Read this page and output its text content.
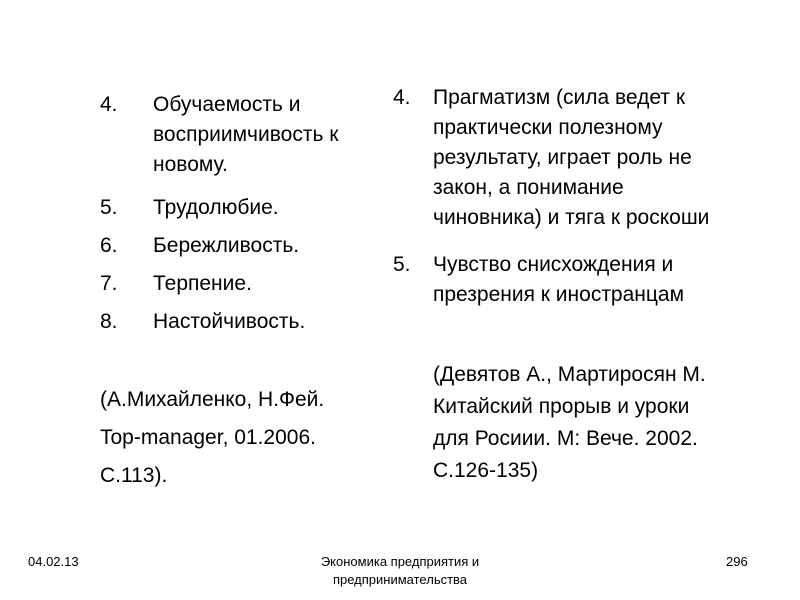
4. Обучаемость и
восприимчивость к
новому.
5. Трудолюбие.
6. Бережливость.
7. Терпение.
8. Настойчивость.
(А.Михайленко, Н.Фей.
Top-manager, 01.2006.
С.113).
4. Прагматизм (сила ведет к
практически полезному
результату, играет роль не
закон, а понимание
чиновника) и тяга к роскоши
5. Чувство снисхождения и
презрения к иностранцам
(Девятов А., Мартиросян М.
Китайский прорыв и уроки
для Росиии. М: Вече. 2002.
С.126-135)
04.02.13	Экономика предприятия и
предпринимательства
296
